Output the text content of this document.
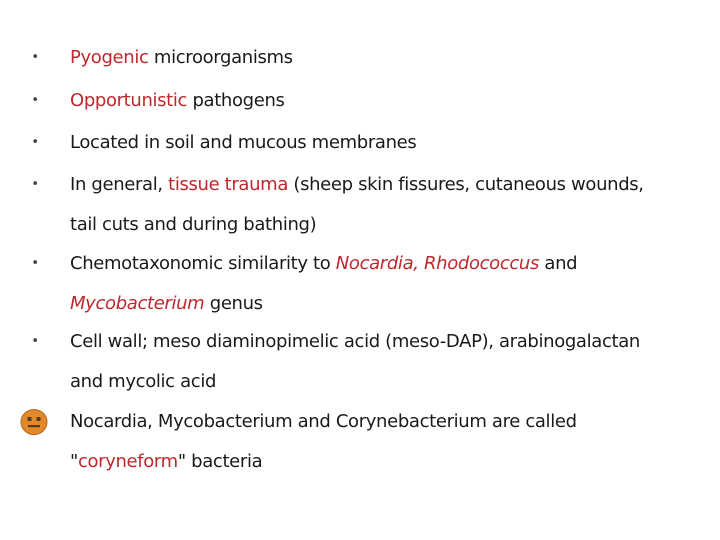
• Pyogenic microorganisms
• Opportunistic pathogens
• Located in soil and mucous membranes
• In general, tissue trauma (sheep skin fissures, cutaneous wounds,
tail cuts and during bathing)
• Chemotaxonomic similarity to Nocardia, Rhodococcus and
Mycobacterium genus
• Cell wall; meso diaminopimelic acid (meso-DAP), arabinogalactan
and mycolic acid
Nocardia, Mycobacterium and Corynebacterium are called
"coryneform" bacteria
